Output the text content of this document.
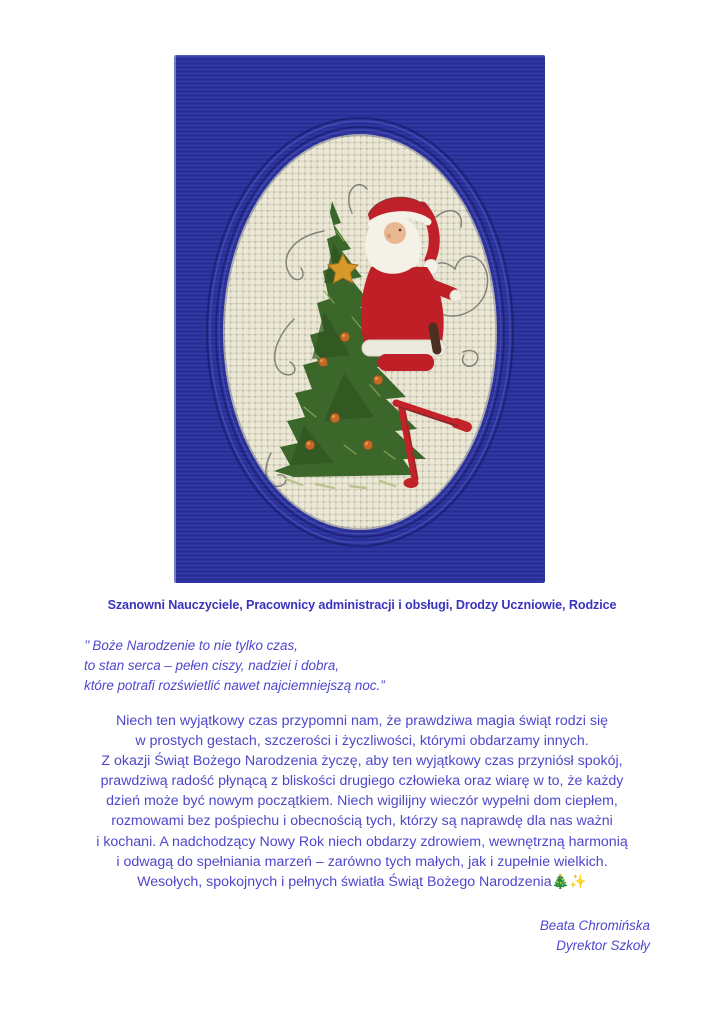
Szanowni Nauczyciele, Pracownicy administracji i obsługi, Drodzy Uczniowie, Rodzice
’’ Boże Narodzenie to nie tylko czas,
to stan serca – pełen ciszy, nadziei i dobra,
które potrafi rozświetlić nawet najciemniejszą noc.”
Niech ten wyjątkowy czas przypomni nam, że prawdziwa magia świąt rodzi się
w prostych gestach, szczerości i życzliwości, którymi obdarzamy innych.
Z okazji Świąt Bożego Narodzenia życzę, aby ten wyjątkowy czas przyniósł spokój,
prawdziwą radość płynącą z bliskości drugiego człowieka oraz wiarę w to, że każdy
dzień może być nowym początkiem. Niech wigilijny wieczór wypełni dom ciepłem,
rozmowami bez pośpiechu i obecnością tych, którzy są naprawdę dla nas ważni
i kochani. A nadchodzący Nowy Rok niech obdarzy zdrowiem, wewnętrzną harmonią
i odwagą do spełniania marzeń – zarówno tych małych, jak i zupełnie wielkich.
Wesołych, spokojnych i pełnych światła Świąt Bożego Narodzenia🎄✨
Beata Chromińska
Dyrektor Szkoły
